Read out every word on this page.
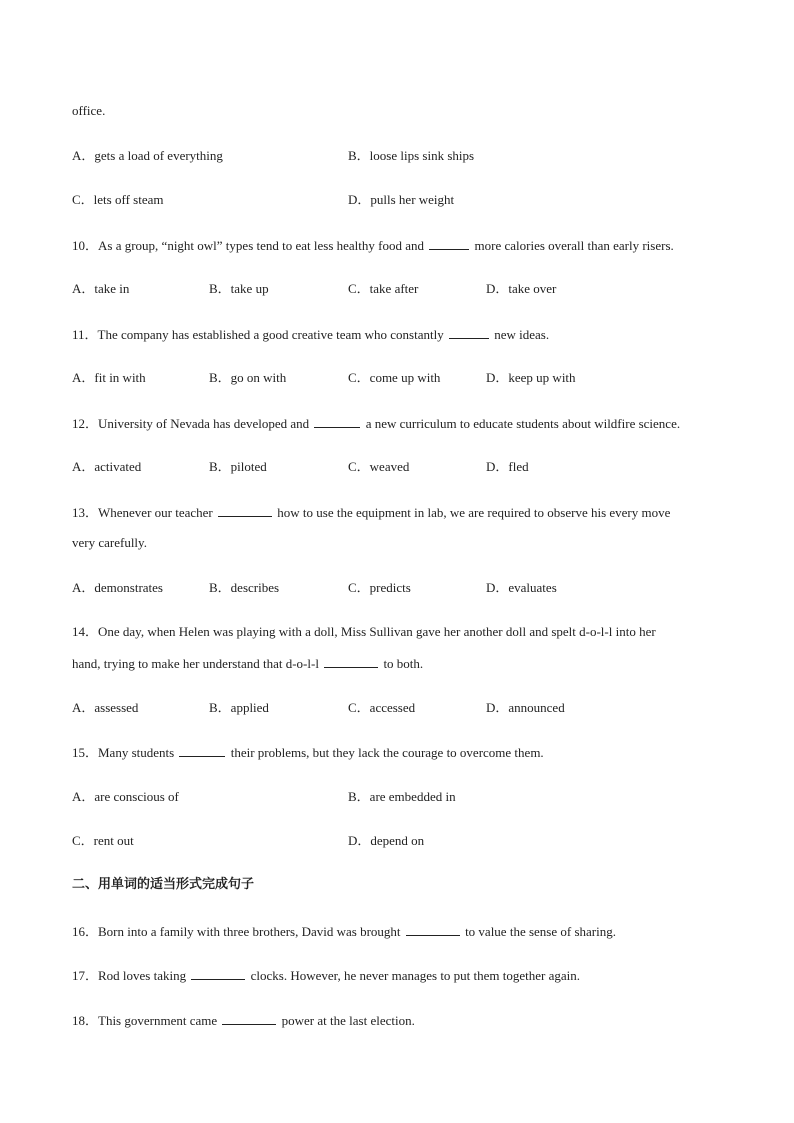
office.
A．gets a load of everything	B．loose lips sink ships
C．lets off steam	D．pulls her weight
10．As a group, “night owl” types tend to eat less healthy food and	more calories overall than early risers.
A．take in	B．take up	C．take after	D．take over
11．The company has established a good creative team who constantly	new ideas.
A．fit in with	B．go on with	C．come up with	D．keep up with
12．University of Nevada has developed and	a new curriculum to educate students about wildfire science.
A．activated	B．piloted	C．weaved	D．fled
13．Whenever our teacher	how to use the equipment in lab, we are required to observe his every move
very carefully.
A．demonstrates	B．describes	C．predicts	D．evaluates
14．One day, when Helen was playing with a doll, Miss Sullivan gave her another doll and spelt d-o-l-l into her
hand, trying to make her understand that d-o-l-l	to both.
A．assessed	B．applied	C．accessed	D．announced
15．Many students	their problems, but they lack the courage to overcome them.
A．are conscious of	B．are embedded in
C．rent out	D．depend on
二、用单词的适当形式完成句子
16．Born into a family with three brothers, David was brought	to value the sense of sharing.
17．Rod loves taking	clocks. However, he never manages to put them together again.
18．This government came	power at the last election.
